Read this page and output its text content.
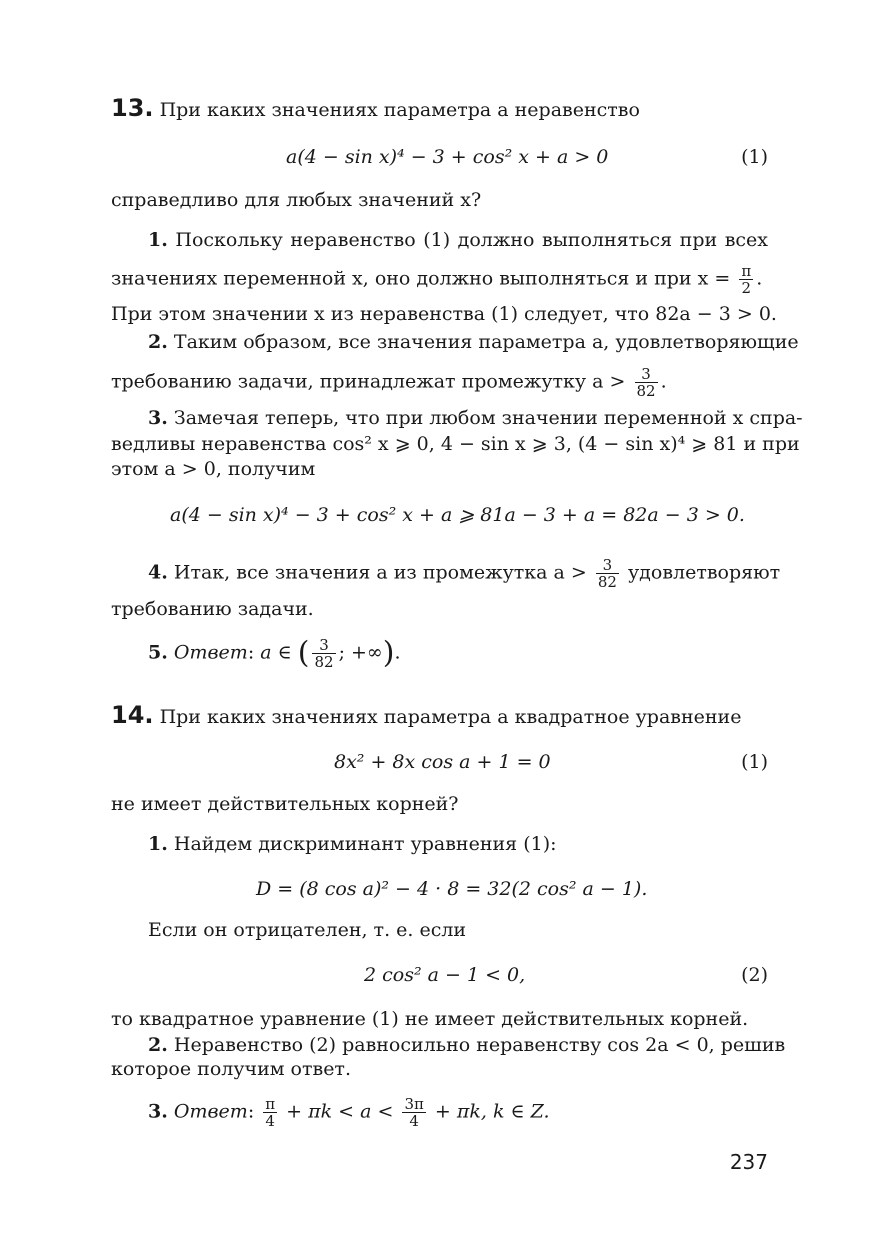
13. При каких значениях параметра a неравенство
a(4 − sin x)⁴ − 3 + cos² x + a > 0	(1)
справедливо для любых значений x?
1. Поскольку неравенство (1) должно выполняться при всех
значениях переменной x, оно должно выполняться и при $x = \frac{\pi}{2}$ .
При этом значении x из неравенства (1) следует, что 82a − 3 > 0.
2. Таким образом, все значения параметра a, удовлетворяющие
требованию задачи, принадлежат промежутку $a > \frac{3}{82}$ .
3. Замечая теперь, что при любом значении переменной x спра-
ведливы неравенства cos² x ⩾ 0, 4 − sin x ⩾ 3, (4 − sin x)⁴ ⩾ 81 и при
этом a > 0, получим
a(4 − sin x)⁴ − 3 + cos² x + a ⩾ 81a − 3 + a = 82a − 3 > 0.
4. Итак, все значения a из промежутка $a > \frac{3}{82}$ удовлетворяют
требованию задачи.
5. Ответ: a ∈ ( $\frac{3}{82}$ ; +∞).
14. При каких значениях параметра a квадратное уравнение
8x² + 8x cos a + 1 = 0	(1)
не имеет действительных корней?
1. Найдем дискриминант уравнения (1):
D = (8 cos a)² − 4 · 8 = 32(2 cos² a − 1).
Если он отрицателен, т. е. если
2 cos² a − 1 < 0,	(2)
то квадратное уравнение (1) не имеет действительных корней.
2. Неравенство (2) равносильно неравенству cos 2a < 0, решив
которое получим ответ.
3. Ответ: $\frac{\pi}{4} + \pi k < a < \frac{3\pi}{4} + \pi k$, k ∈ Z.
237
